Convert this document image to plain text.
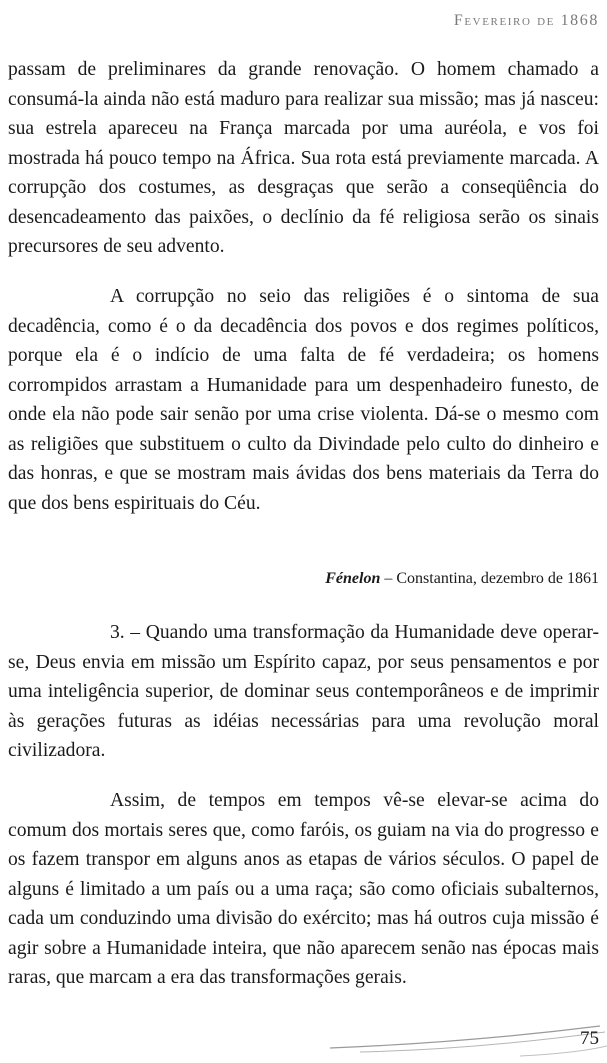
Fevereiro de 1868

passam de preliminares da grande renovação. O homem chamado a consumá-la ainda não está maduro para realizar sua missão; mas já nasceu: sua estrela apareceu na França marcada por uma auréola, e vos foi mostrada há pouco tempo na África. Sua rota está previamente marcada. A corrupção dos costumes, as desgraças que serão a conseqüência do desencadeamento das paixões, o declínio da fé religiosa serão os sinais precursores de seu advento.

A corrupção no seio das religiões é o sintoma de sua decadência, como é o da decadência dos povos e dos regimes políticos, porque ela é o indício de uma falta de fé verdadeira; os homens corrompidos arrastam a Humanidade para um despenhadeiro funesto, de onde ela não pode sair senão por uma crise violenta. Dá-se o mesmo com as religiões que substituem o culto da Divindade pelo culto do dinheiro e das honras, e que se mostram mais ávidas dos bens materiais da Terra do que dos bens espirituais do Céu.

Fénelon – Constantina, dezembro de 1861

3. – Quando uma transformação da Humanidade deve operar-se, Deus envia em missão um Espírito capaz, por seus pensamentos e por uma inteligência superior, de dominar seus contemporâneos e de imprimir às gerações futuras as idéias necessárias para uma revolução moral civilizadora.

Assim, de tempos em tempos vê-se elevar-se acima do comum dos mortais seres que, como faróis, os guiam na via do progresso e os fazem transpor em alguns anos as etapas de vários séculos. O papel de alguns é limitado a um país ou a uma raça; são como oficiais subalternos, cada um conduzindo uma divisão do exército; mas há outros cuja missão é agir sobre a Humanidade inteira, que não aparecem senão nas épocas mais raras, que marcam a era das transformações gerais.

75
